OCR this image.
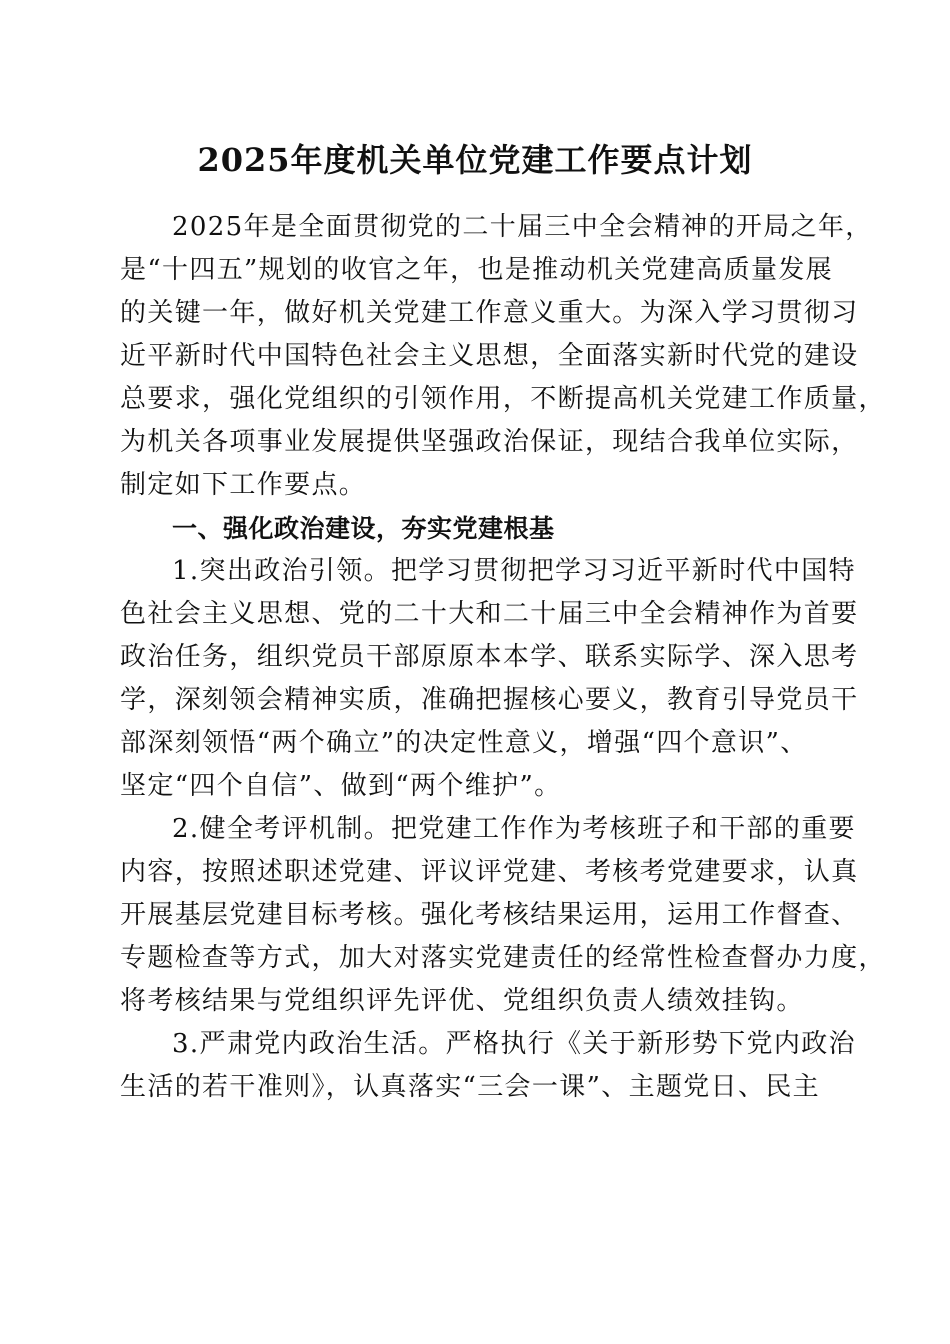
2025年度机关单位党建工作要点计划

2025年是全面贯彻党的二十届三中全会精神的开局之年，
是“十四五”规划的收官之年，也是推动机关党建高质量发展
的关键一年，做好机关党建工作意义重大。为深入学习贯彻习
近平新时代中国特色社会主义思想，全面落实新时代党的建设
总要求，强化党组织的引领作用，不断提高机关党建工作质量，
为机关各项事业发展提供坚强政治保证，现结合我单位实际，
制定如下工作要点。

一、强化政治建设，夯实党建根基

1.突出政治引领。把学习贯彻把学习习近平新时代中国特
色社会主义思想、党的二十大和二十届三中全会精神作为首要
政治任务，组织党员干部原原本本学、联系实际学、深入思考
学，深刻领会精神实质，准确把握核心要义，教育引导党员干
部深刻领悟“两个确立”的决定性意义，增强“四个意识”、
坚定“四个自信”、做到“两个维护”。

2.健全考评机制。把党建工作作为考核班子和干部的重要
内容，按照述职述党建、评议评党建、考核考党建要求，认真
开展基层党建目标考核。强化考核结果运用，运用工作督查、
专题检查等方式，加大对落实党建责任的经常性检查督办力度，
将考核结果与党组织评先评优、党组织负责人绩效挂钩。

3.严肃党内政治生活。严格执行《关于新形势下党内政治
生活的若干准则》，认真落实“三会一课”、主题党日、民主
